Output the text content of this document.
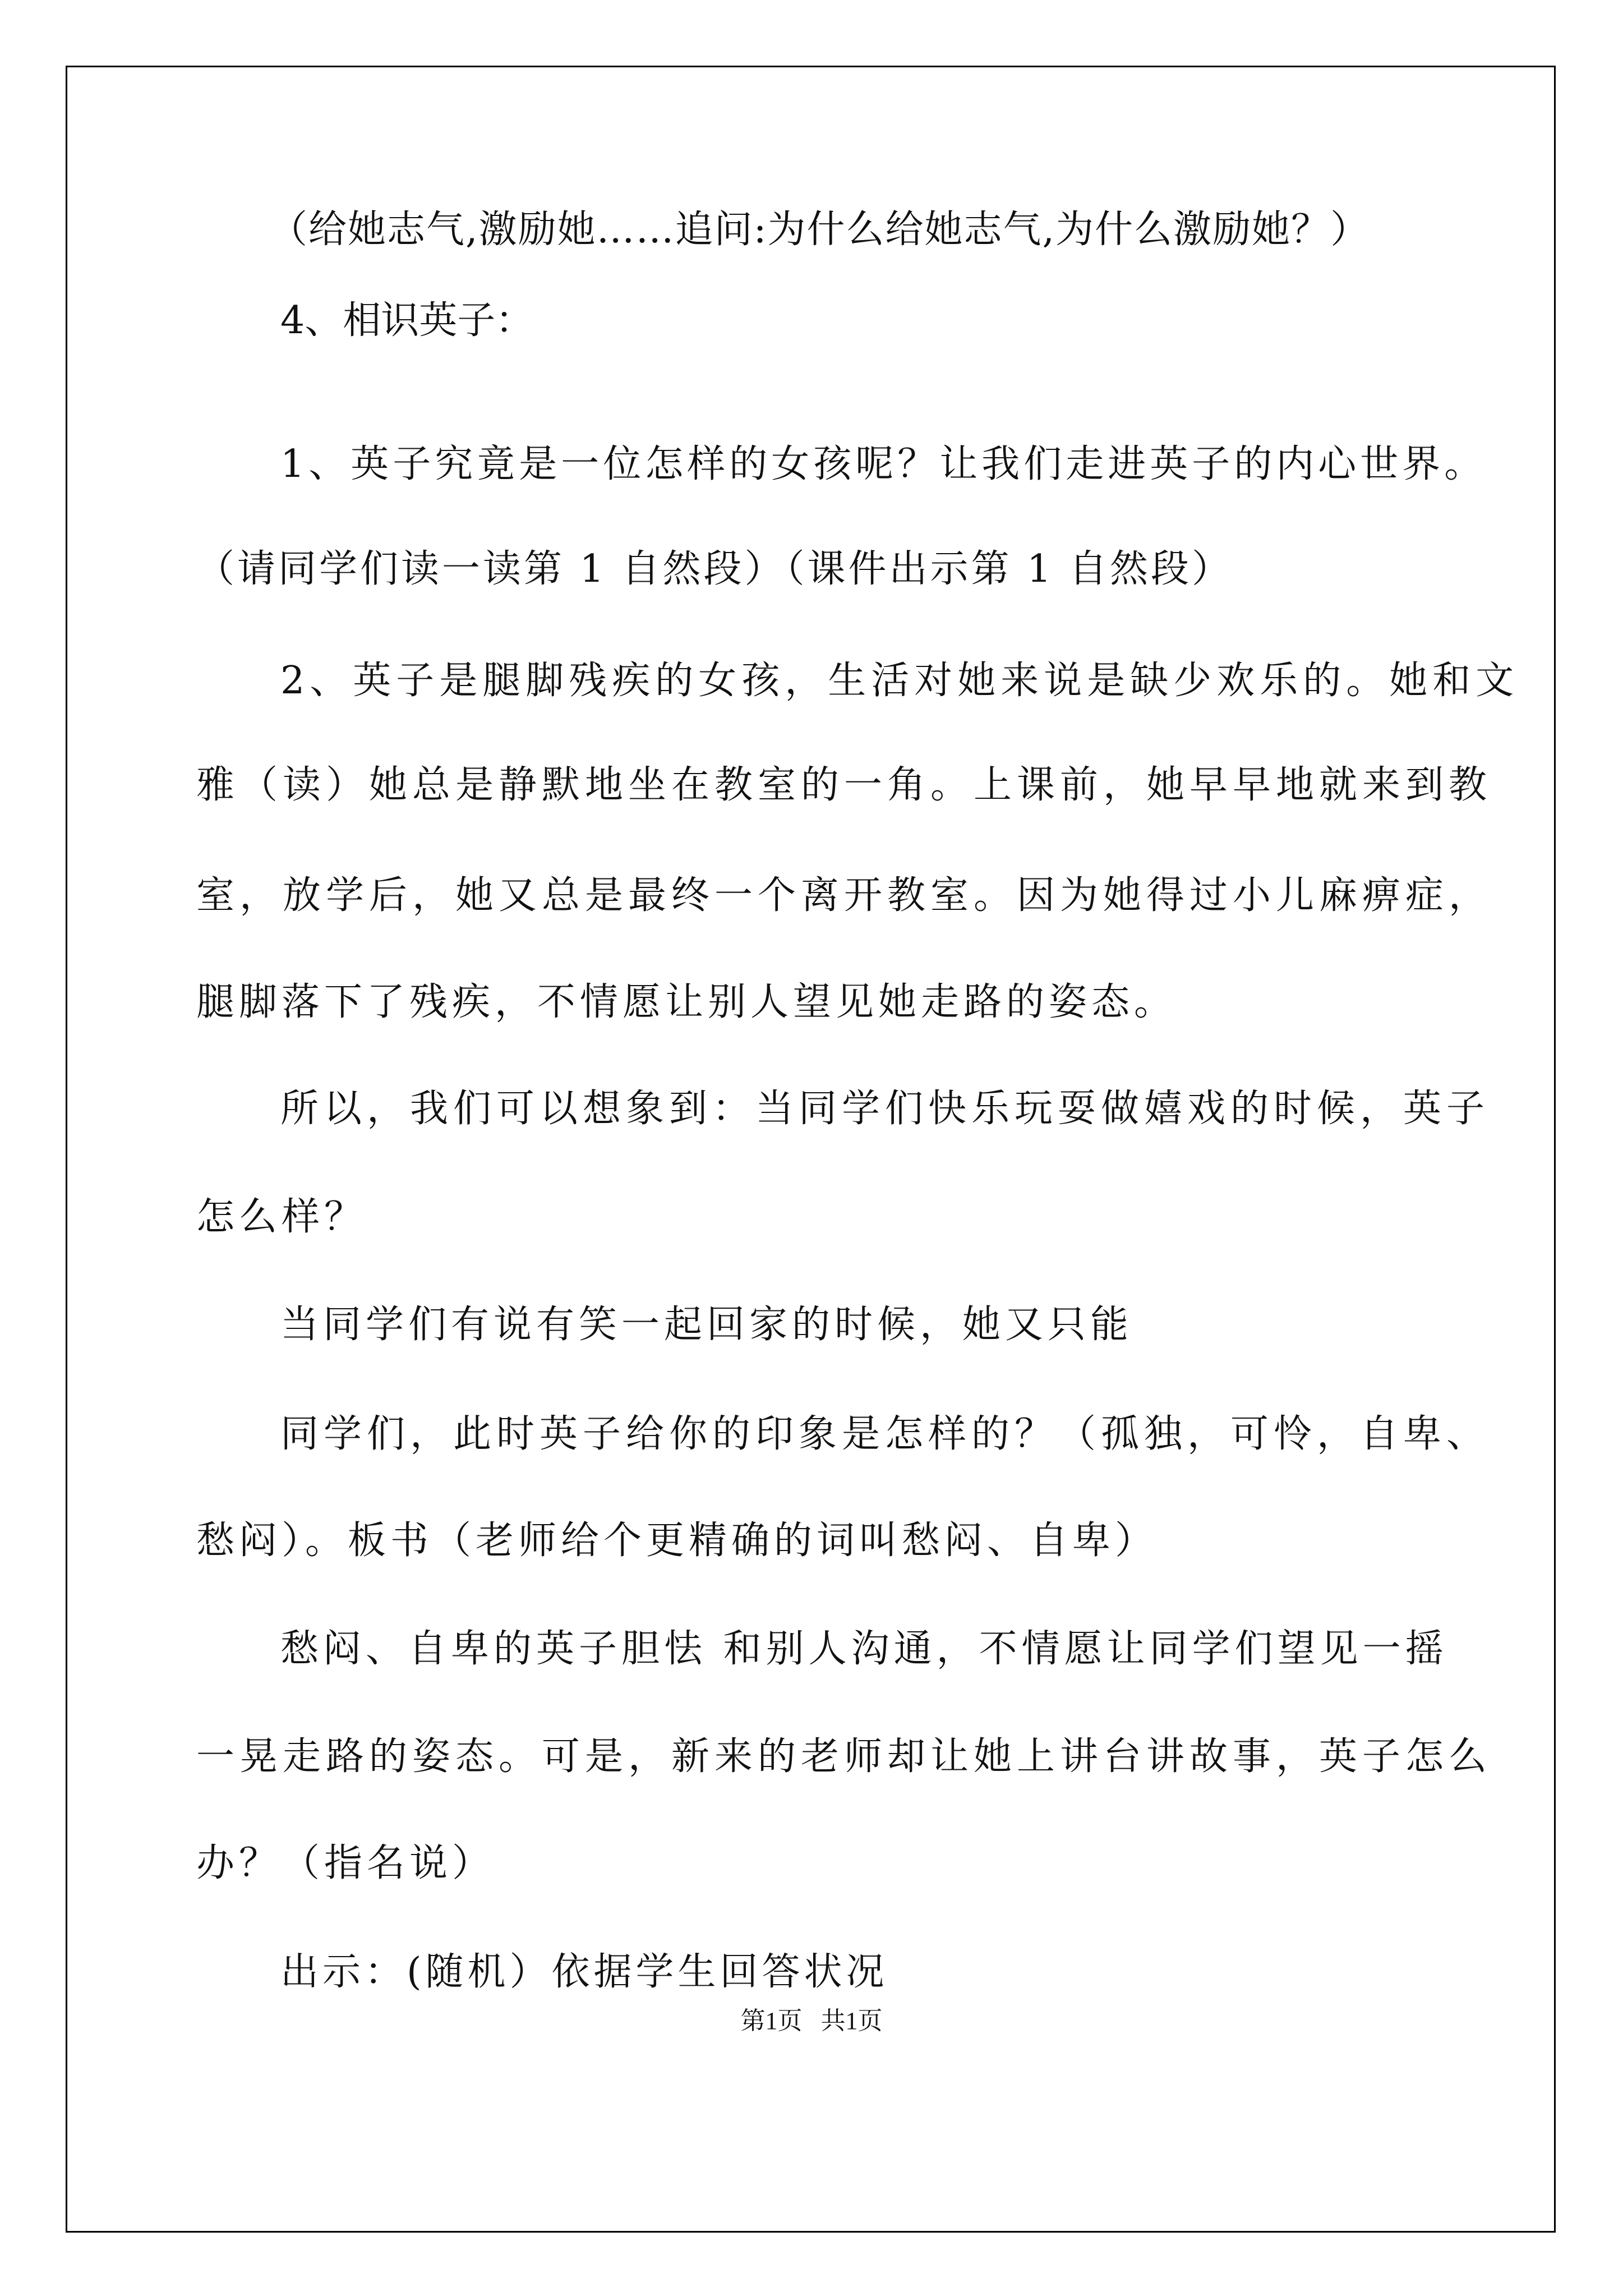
（给她志气,激励她……追问:为什么给她志气,为什么激励她？）
4、相识英子：
1、英子究竟是一位怎样的女孩呢？让我们走进英子的内心世界。
（请同学们读一读第 1 自然段）（课件出示第 1 自然段）
2、英子是腿脚残疾的女孩，生活对她来说是缺少欢乐的。她和文
雅（读）她总是静默地坐在教室的一角。上课前，她早早地就来到教
室，放学后，她又总是最终一个离开教室。因为她得过小儿麻痹症，
腿脚落下了残疾，不情愿让别人望见她走路的姿态。
所以，我们可以想象到：当同学们快乐玩耍做嬉戏的时候，英子
怎么样？
当同学们有说有笑一起回家的时候，她又只能
同学们，此时英子给你的印象是怎样的？（孤独，可怜，自卑、
愁闷）。板书（老师给个更精确的词叫愁闷、自卑）
愁闷、自卑的英子胆怯 和别人沟通，不情愿让同学们望见一摇
一晃走路的姿态。可是，新来的老师却让她上讲台讲故事，英子怎么
办？（指名说）
出示：(随机）依据学生回答状况
第1页   共1页
